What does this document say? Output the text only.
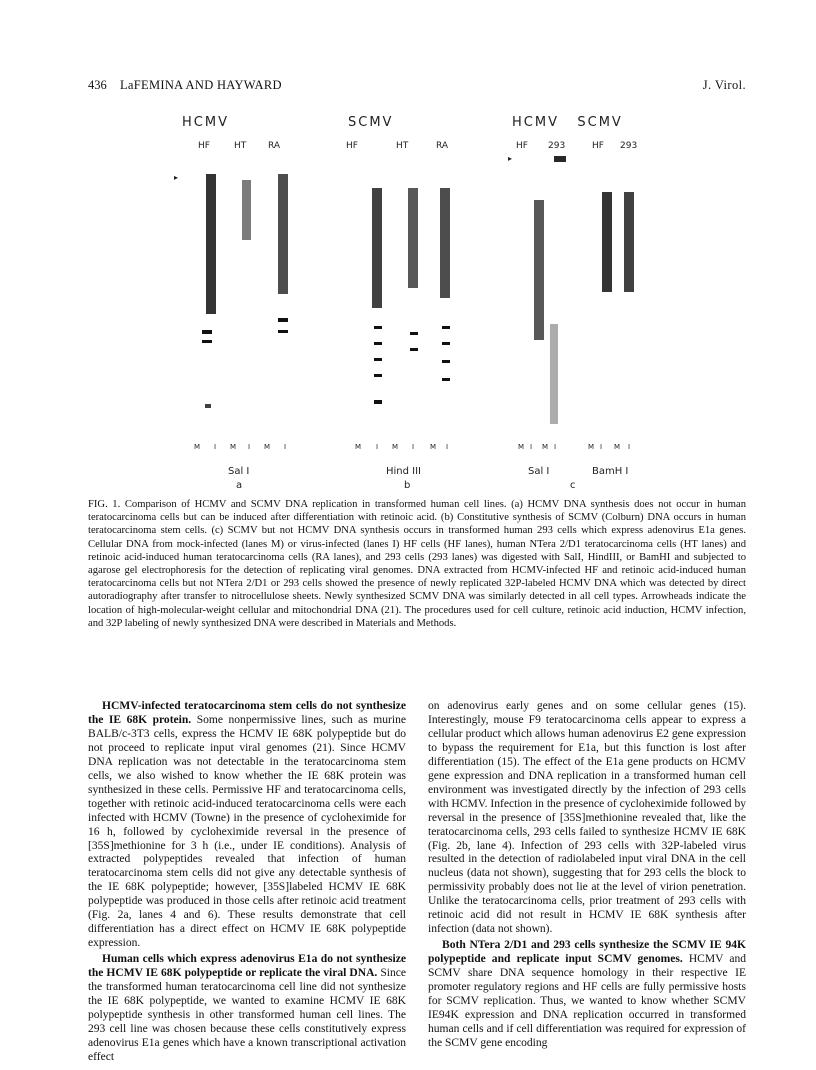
436 LaFEMINA AND HAYWARD	J. Virol.
HCMV
HF	HT RA
▸
M I M I M I
Sal I
a
SCMV
HF	HT	RA
M I M I M I
Hind III
b
HCMV   SCMV
HF 293	HF 293
▸
M I M I	M I M I
Sal I	BamH I
c
FIG. 1. Comparison of HCMV and SCMV DNA replication in transformed human cell lines. (a) HCMV DNA synthesis does not occur in human teratocarcinoma cells but can be induced after differentiation with retinoic acid. (b) Constitutive synthesis of SCMV (Colburn) DNA occurs in human teratocarcinoma stem cells. (c) SCMV but not HCMV DNA synthesis occurs in transformed human 293 cells which express adenovirus E1a genes. Cellular DNA from mock-infected (lanes M) or virus-infected (lanes I) HF cells (HF lanes), human NTera 2/D1 teratocarcinoma cells (HT lanes) and retinoic acid-induced human teratocarcinoma cells (RA lanes), and 293 cells (293 lanes) was digested with SalI, HindIII, or BamHI and subjected to agarose gel electrophoresis for the detection of replicating viral genomes. DNA extracted from HCMV-infected HF and retinoic acid-induced human teratocarcinoma cells but not NTera 2/D1 or 293 cells showed the presence of newly replicated 32P-labeled HCMV DNA which was detected by direct autoradiography after transfer to nitrocellulose sheets. Newly synthesized SCMV DNA was similarly detected in all cell types. Arrowheads indicate the location of high-molecular-weight cellular and mitochondrial DNA (21). The procedures used for cell culture, retinoic acid induction, HCMV infection, and 32P labeling of newly synthesized DNA were described in Materials and Methods.

HCMV-infected teratocarcinoma stem cells do not synthesize the IE 68K protein. Some nonpermissive lines, such as murine BALB/c-3T3 cells, express the HCMV IE 68K polypeptide but do not proceed to replicate input viral genomes (21). Since HCMV DNA replication was not detectable in the teratocarcinoma stem cells, we also wished to know whether the IE 68K protein was synthesized in these cells. Permissive HF and teratocarcinoma cells, together with retinoic acid-induced teratocarcinoma cells were each infected with HCMV (Towne) in the presence of cycloheximide for 16 h, followed by cycloheximide reversal in the presence of [35S]methionine for 3 h (i.e., under IE conditions). Analysis of extracted polypeptides revealed that infection of human teratocarcinoma stem cells did not give any detectable synthesis of the IE 68K polypeptide; however, [35S]labeled HCMV IE 68K polypeptide was produced in those cells after retinoic acid treatment (Fig. 2a, lanes 4 and 6). These results demonstrate that cell differentiation has a direct effect on HCMV IE 68K polypeptide expression.

Human cells which express adenovirus E1a do not synthesize the HCMV IE 68K polypeptide or replicate the viral DNA. Since the transformed human teratocarcinoma cell line did not synthesize the IE 68K polypeptide, we wanted to examine HCMV IE 68K polypeptide synthesis in other transformed human cell lines. The 293 cell line was chosen because these cells constitutively express adenovirus E1a genes which have a known transcriptional activation effect

on adenovirus early genes and on some cellular genes (15). Interestingly, mouse F9 teratocarcinoma cells appear to express a cellular product which allows human adenovirus E2 gene expression to bypass the requirement for E1a, but this function is lost after differentiation (15). The effect of the E1a gene products on HCMV gene expression and DNA replication in a transformed human cell environment was investigated directly by the infection of 293 cells with HCMV. Infection in the presence of cycloheximide followed by reversal in the presence of [35S]methionine revealed that, like the teratocarcinoma cells, 293 cells failed to synthesize HCMV IE 68K (Fig. 2b, lane 4). Infection of 293 cells with 32P-labeled virus resulted in the detection of radiolabeled input viral DNA in the cell nucleus (data not shown), suggesting that for 293 cells the block to permissivity probably does not lie at the level of virion penetration. Unlike the teratocarcinoma cells, prior treatment of 293 cells with retinoic acid did not result in HCMV IE 68K synthesis after infection (data not shown).

Both NTera 2/D1 and 293 cells synthesize the SCMV IE 94K polypeptide and replicate input SCMV genomes. HCMV and SCMV share DNA sequence homology in their respective IE promoter regulatory regions and HF cells are fully permissive hosts for SCMV replication. Thus, we wanted to know whether SCMV IE94K expression and DNA replication occurred in transformed human cells and if cell differentiation was required for expression of the SCMV gene encoding
